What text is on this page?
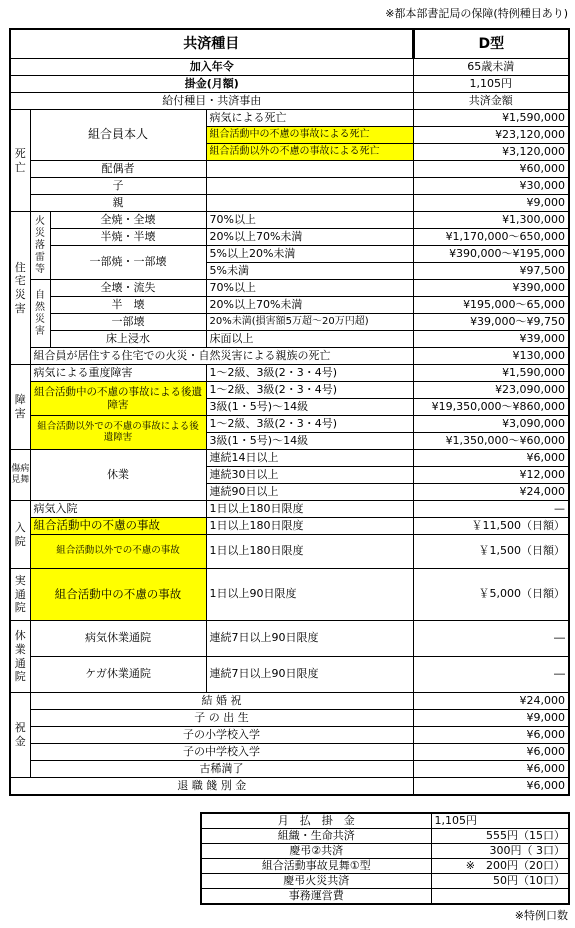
※都本部書記局の保障(特例種目あり)
共済種目				D型
加入年令				65歳未満
掛金(月額)				1,105円
給付種目・共済事由				共済金額
死亡	組合員本人		病気による死亡	¥1,590,000
			組合活動中の不慮の事故による死亡	¥23,120,000
			組合活動以外の不慮の事故による死亡	¥3,120,000
	配偶者			¥60,000
	子			¥30,000
	親			¥9,000
住宅災害	火災落雷等	全焼・全壊	70%以上	¥1,300,000
		半焼・半壊	20%以上70%未満	¥1,170,000～650,000
		一部焼・一部壊	5%以上20%未満	¥390,000～¥195,000
			5%未満	¥97,500
	自然災害	全壊・流失	70%以上	¥390,000
		半　壊	20%以上70%未満	¥195,000～65,000
		一部壊	20%未満(損害額5万超～20万円超)	¥39,000～¥9,750
		床上浸水	床面以上	¥39,000
	組合員が居住する住宅での火災・自然災害による親族の死亡			¥130,000
障害	病気による重度障害		1～2級、3級(2・3・4号)	¥1,590,000
	組合活動中の不慮の事故による後遺障害		1～2級、3級(2・3・4号)	¥23,090,000
			3級(1・5号)～14級	¥19,350,000～¥860,000
	組合活動以外での不慮の事故による後遺障害		1～2級、3級(2・3・4号)	¥3,090,000
			3級(1・5号)～14級	¥1,350,000～¥60,000
傷病見舞	休業		連続14日以上	¥6,000
			連続30日以上	¥12,000
			連続90日以上	¥24,000
入院	病気入院		1日以上180日限度	—
	組合活動中の不慮の事故		1日以上180日限度	￥11,500（日額）
	組合活動以外での不慮の事故		1日以上180日限度	￥1,500（日額）
実通院	組合活動中の不慮の事故		1日以上90日限度	￥5,000（日額）
休業通院	病気休業通院		連続7日以上90日限度	―
	ケガ休業通院		連続7日以上90日限度	―
祝金	結 婚 祝			¥24,000
	子 の 出 生			¥9,000
	子の小学校入学			¥6,000
	子の中学校入学			¥6,000
	古稀満了			¥6,000
退 職 餞 別 金				¥6,000
月　払　掛　金	1,105円
組織・生命共済	555円（15口）
慶弔②共済	300円（ 3口）
組合活動事故見舞①型	※　200円（20口）
慶弔火災共済	50円（10口）
事務運営費	
※特例口数
